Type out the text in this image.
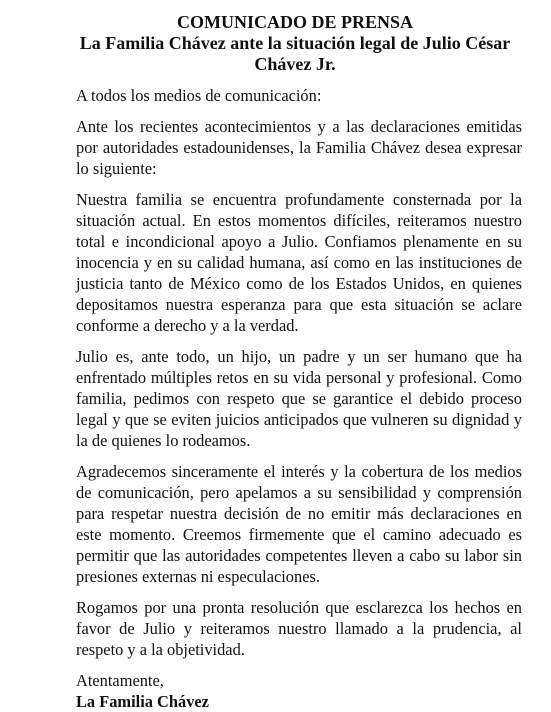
COMUNICADO DE PRENSA
La Familia Chávez ante la situación legal de Julio César
Chávez Jr.

A todos los medios de comunicación:

Ante los recientes acontecimientos y a las declaraciones emitidas por autoridades estadounidenses, la Familia Chávez desea expresar lo siguiente:

Nuestra familia se encuentra profundamente consternada por la situación actual. En estos momentos difíciles, reiteramos nuestro total e incondicional apoyo a Julio. Confiamos plenamente en su inocencia y en su calidad humana, así como en las instituciones de justicia tanto de México como de los Estados Unidos, en quienes depositamos nuestra esperanza para que esta situación se aclare conforme a derecho y a la verdad.

Julio es, ante todo, un hijo, un padre y un ser humano que ha enfrentado múltiples retos en su vida personal y profesional. Como familia, pedimos con respeto que se garantice el debido proceso legal y que se eviten juicios anticipados que vulneren su dignidad y la de quienes lo rodeamos.

Agradecemos sinceramente el interés y la cobertura de los medios de comunicación, pero apelamos a su sensibilidad y comprensión para respetar nuestra decisión de no emitir más declaraciones en este momento. Creemos firmemente que el camino adecuado es permitir que las autoridades competentes lleven a cabo su labor sin presiones externas ni especulaciones.

Rogamos por una pronta resolución que esclarezca los hechos en favor de Julio y reiteramos nuestro llamado a la prudencia, al respeto y a la objetividad.

Atentamente,
La Familia Chávez
